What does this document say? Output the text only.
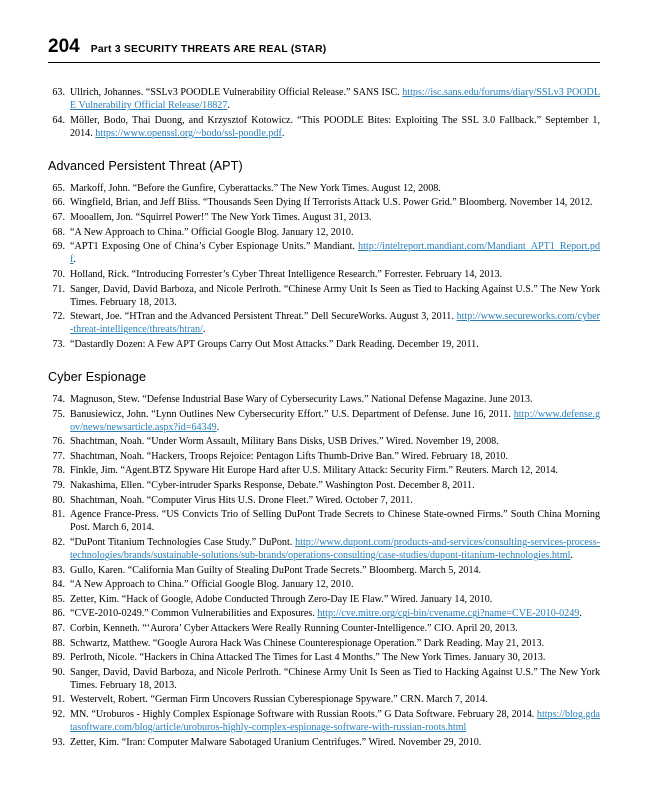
204 Part 3 SECURITY THREATS ARE REAL (STAR)
63. Ullrich, Johannes. “SSLv3 POODLE Vulnerability Official Release.” SANS ISC. https://isc.sans.edu/forums/diary/SSLv3 POODLE Vulnerability Official Release/18827.
64. Möller, Bodo, Thai Duong, and Krzysztof Kotowicz. “This POODLE Bites: Exploiting The SSL 3.0 Fallback.” September 1, 2014. https://www.openssl.org/~bodo/ssl-poodle.pdf.
Advanced Persistent Threat (APT)
65. Markoff, John. “Before the Gunfire, Cyberattacks.” The New York Times. August 12, 2008.
66. Wingfield, Brian, and Jeff Bliss. “Thousands Seen Dying If Terrorists Attack U.S. Power Grid.” Bloomberg. November 14, 2012.
67. Mooallem, Jon. “Squirrel Power!” The New York Times. August 31, 2013.
68. “A New Approach to China.” Official Google Blog. January 12, 2010.
69. “APT1 Exposing One of China’s Cyber Espionage Units.” Mandiant. http://intelreport.mandiant.com/Mandiant_APT1_Report.pdf.
70. Holland, Rick. “Introducing Forrester’s Cyber Threat Intelligence Research.” Forrester. February 14, 2013.
71. Sanger, David, David Barboza, and Nicole Perlroth. “Chinese Army Unit Is Seen as Tied to Hacking Against U.S.” The New York Times. February 18, 2013.
72. Stewart, Joe. “HTran and the Advanced Persistent Threat.” Dell SecureWorks. August 3, 2011. http://www.secureworks.com/cyber-threat-intelligence/threats/htran/.
73. “Dastardly Dozen: A Few APT Groups Carry Out Most Attacks.” Dark Reading. December 19, 2011.
Cyber Espionage
74. Magnuson, Stew. “Defense Industrial Base Wary of Cybersecurity Laws.” National Defense Magazine. June 2013.
75. Banusiewicz, John. “Lynn Outlines New Cybersecurity Effort.” U.S. Department of Defense. June 16, 2011. http://www.defense.gov/news/newsarticle.aspx?id=64349.
76. Shachtman, Noah. “Under Worm Assault, Military Bans Disks, USB Drives.” Wired. November 19, 2008.
77. Shachtman, Noah. “Hackers, Troops Rejoice: Pentagon Lifts Thumb-Drive Ban.” Wired. February 18, 2010.
78. Finkle, Jim. “Agent.BTZ Spyware Hit Europe Hard after U.S. Military Attack: Security Firm.” Reuters. March 12, 2014.
79. Nakashima, Ellen. “Cyber-intruder Sparks Response, Debate.” Washington Post. December 8, 2011.
80. Shachtman, Noah. “Computer Virus Hits U.S. Drone Fleet.” Wired. October 7, 2011.
81. Agence France-Press. “US Convicts Trio of Selling DuPont Trade Secrets to Chinese State-owned Firms.” South China Morning Post. March 6, 2014.
82. “DuPont Titanium Technologies Case Study.” DuPont. http://www.dupont.com/products-and-services/consulting-services-process-technologies/brands/sustainable-solutions/sub-brands/operations-consulting/case-studies/dupont-titanium-technologies.html.
83. Gullo, Karen. “California Man Guilty of Stealing DuPont Trade Secrets.” Bloomberg. March 5, 2014.
84. “A New Approach to China.” Official Google Blog. January 12, 2010.
85. Zetter, Kim. “Hack of Google, Adobe Conducted Through Zero-Day IE Flaw.” Wired. January 14, 2010.
86. “CVE-2010-0249.” Common Vulnerabilities and Exposures. http://cve.mitre.org/cgi-bin/cvename.cgi?name=CVE-2010-0249.
87. Corbin, Kenneth. “‘Aurora’ Cyber Attackers Were Really Running Counter-Intelligence.” CIO. April 20, 2013.
88. Schwartz, Matthew. “Google Aurora Hack Was Chinese Counterespionage Operation.” Dark Reading. May 21, 2013.
89. Perlroth, Nicole. “Hackers in China Attacked The Times for Last 4 Months.” The New York Times. January 30, 2013.
90. Sanger, David, David Barboza, and Nicole Perlroth. “Chinese Army Unit Is Seen as Tied to Hacking Against U.S.” The New York Times. February 18, 2013.
91. Westervelt, Robert. “German Firm Uncovers Russian Cyberespionage Spyware.” CRN. March 7, 2014.
92. MN. “Uroburos - Highly Complex Espionage Software with Russian Roots.” G Data Software. February 28, 2014. https://blog.gdatasoftware.com/blog/article/uroburos-highly-complex-espionage-software-with-russian-roots.html
93. Zetter, Kim. “Iran: Computer Malware Sabotaged Uranium Centrifuges.” Wired. November 29, 2010.
